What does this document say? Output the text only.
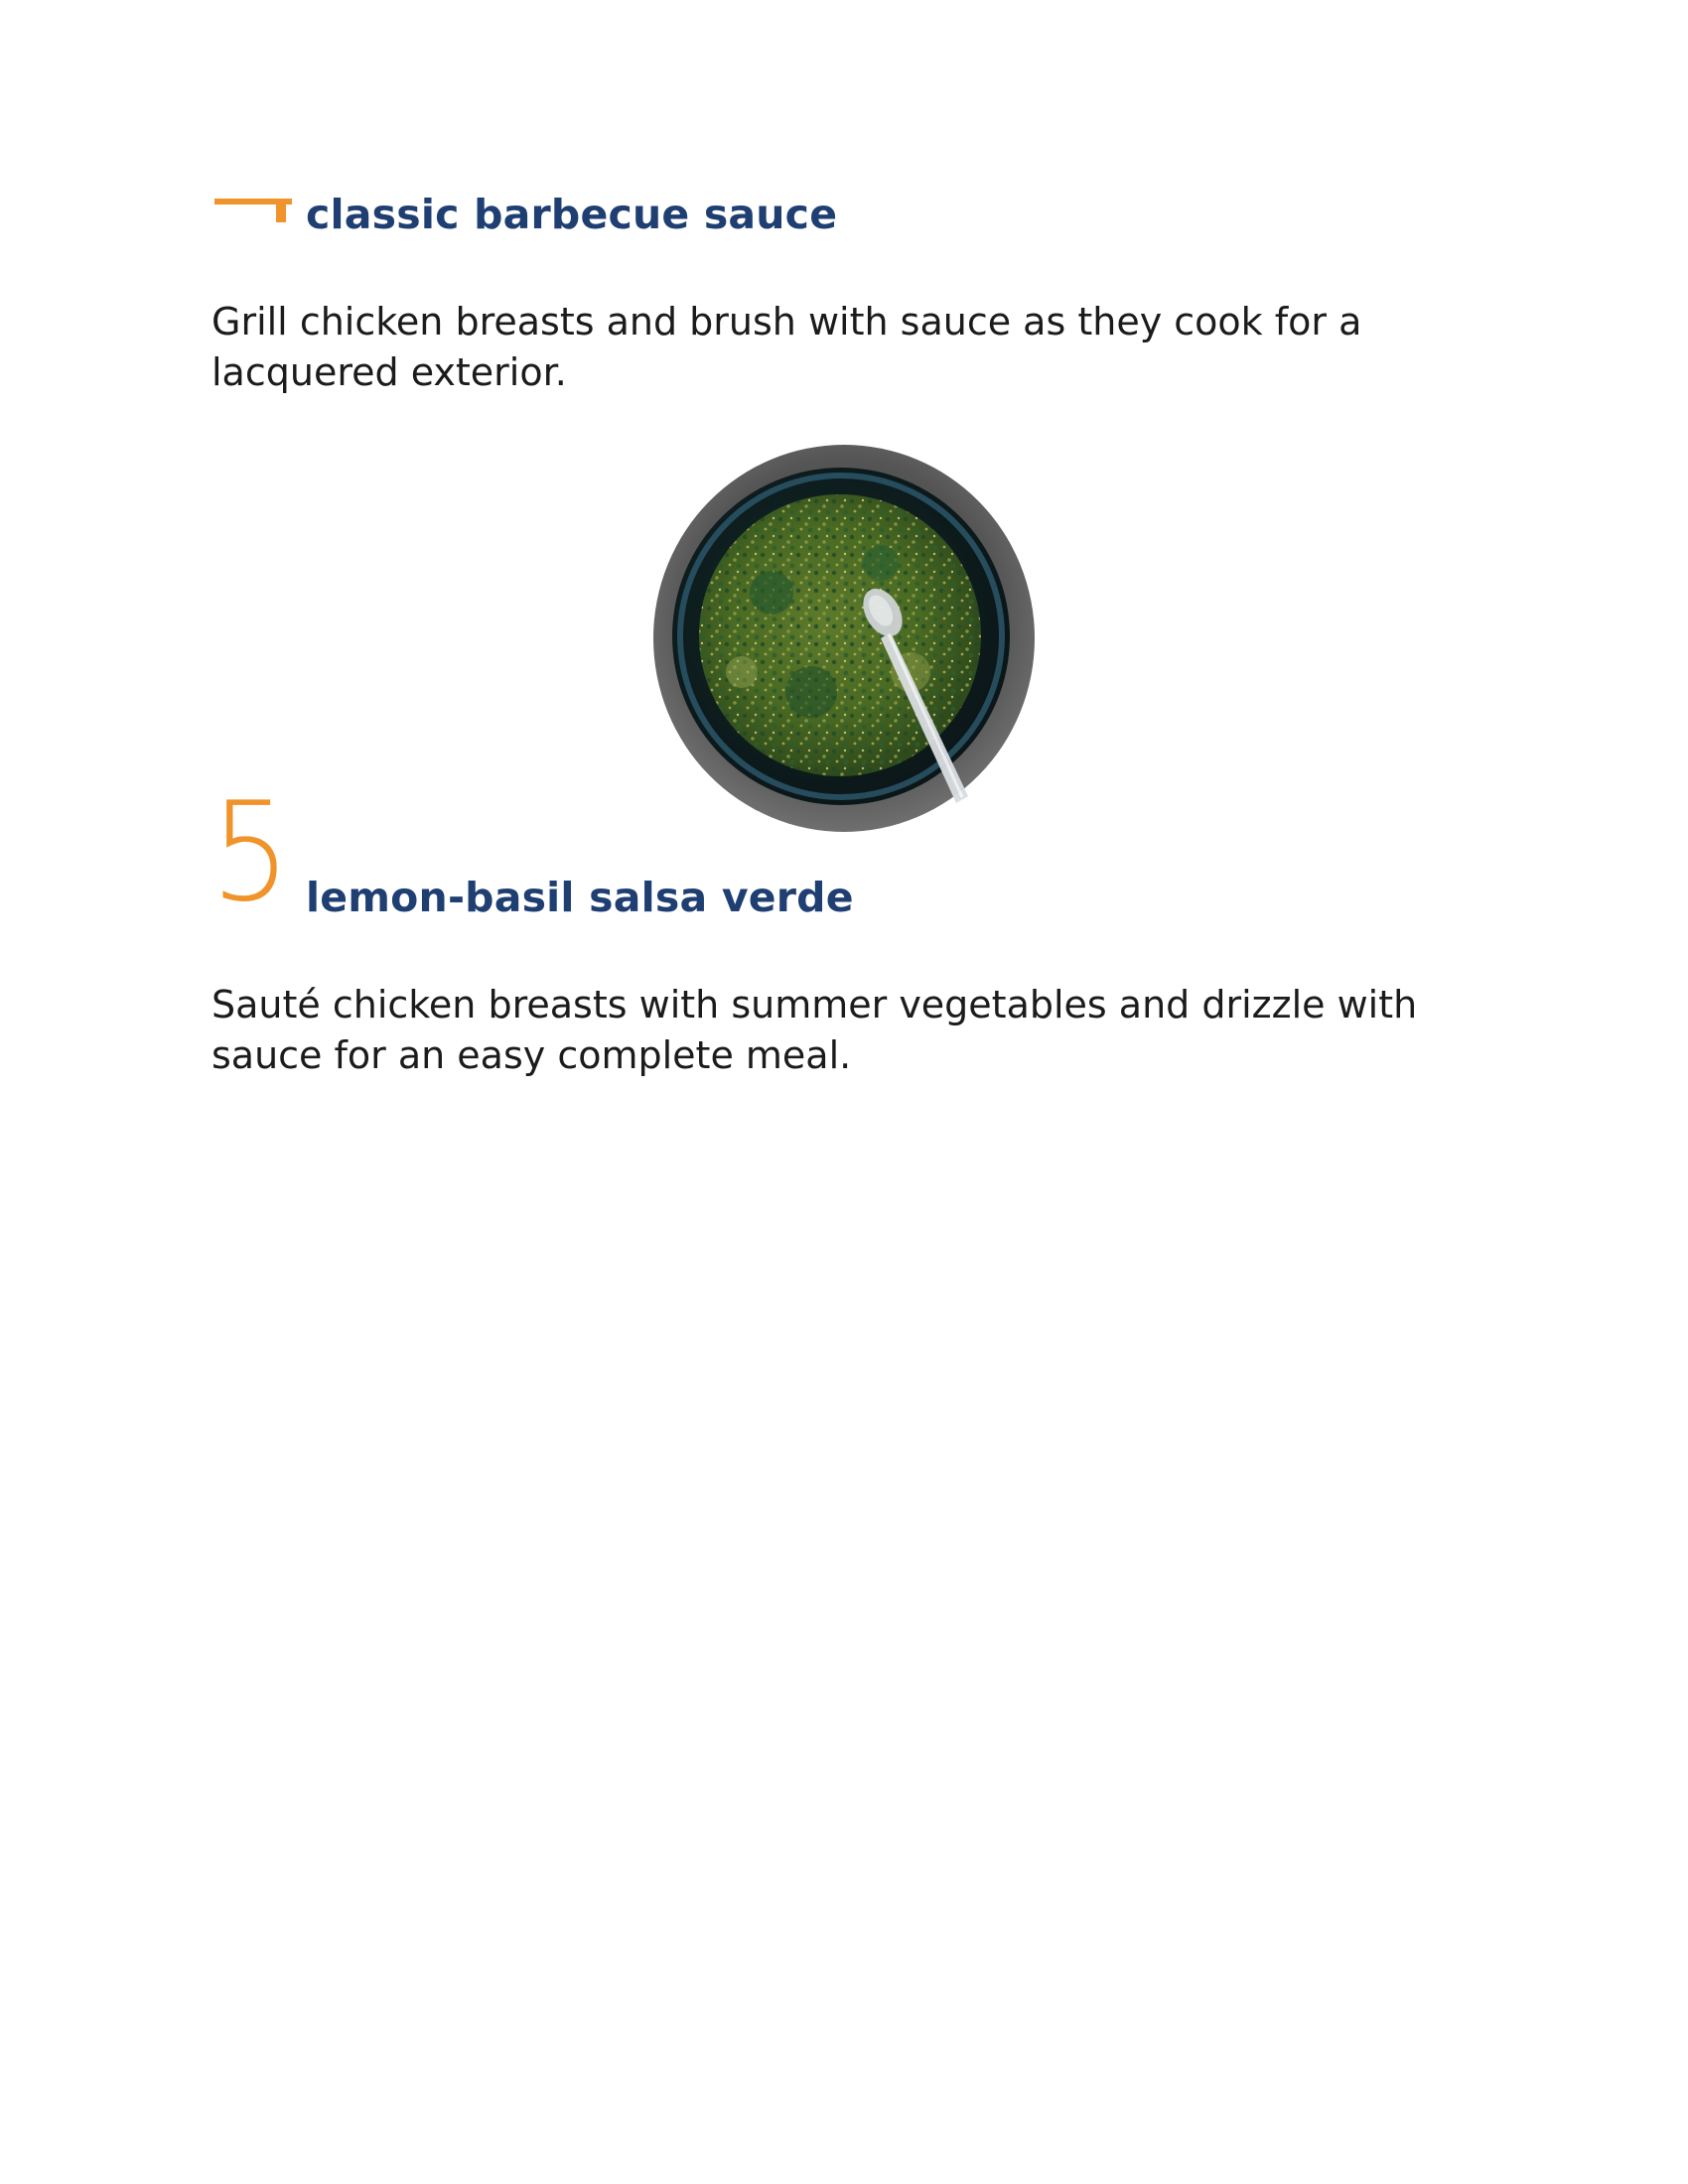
classic barbecue sauce
Grill chicken breasts and brush with sauce as they cook for a lacquered exterior.
5 lemon-basil salsa verde
Sauté chicken breasts with summer vegetables and drizzle with sauce for an easy complete meal.
